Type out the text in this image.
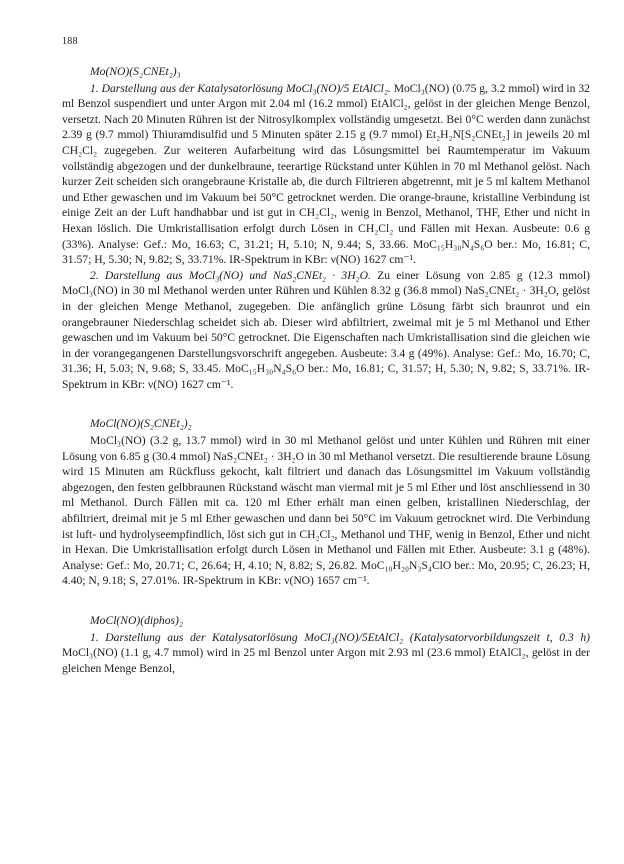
188
Mo(NO)(S₂CNEt₂)₃

1. Darstellung aus der Katalysatorlösung MoCl₃(NO)/5 EtAlCl₂. MoCl₃(NO) (0.75 g, 3.2 mmol) wird in 32 ml Benzol suspendiert und unter Argon mit 2.04 ml (16.2 mmol) EtAlCl₂, gelöst in der gleichen Menge Benzol, versetzt. Nach 20 Minuten Rühren ist der Nitrosylkomplex vollständig umgesetzt. Bei 0°C werden dann zunächst 2.39 g (9.7 mmol) Thiuramdisulfid und 5 Minuten später 2.15 g (9.7 mmol) Et₂H₂N[S₂CNEt₂] in jeweils 20 ml CH₂Cl₂ zugegeben. Zur weiteren Aufarbeitung wird das Lösungsmittel bei Raumtemperatur im Vakuum vollständig abgezogen und der dunkelbraune, teerartige Rückstand unter Kühlen in 70 ml Methanol gelöst. Nach kurzer Zeit scheiden sich orangebraune Kristalle ab, die durch Filtrieren abgetrennt, mit je 5 ml kaltem Methanol und Ether gewaschen und im Vakuum bei 50°C getrocknet werden. Die orange-braune, kristalline Verbindung ist einige Zeit an der Luft handhabbar und ist gut in CH₂Cl₂, wenig in Benzol, Methanol, THF, Ether und nicht in Hexan löslich. Die Umkristallisation erfolgt durch Lösen in CH₂Cl₂ und Fällen mit Hexan. Ausbeute: 0.6 g (33%). Analyse: Gef.: Mo, 16.63; C, 31.21; H, 5.10; N, 9.44; S, 33.66. MoC₁₅H₃₀N₄S₆O ber.: Mo, 16.81; C, 31.57; H, 5.30; N, 9.82; S, 33.71%. IR-Spektrum in KBr: ν(NO) 1627 cm⁻¹.

2. Darstellung aus MoCl₃(NO) und NaS₂CNEt₂ · 3H₂O. Zu einer Lösung von 2.85 g (12.3 mmol) MoCl₃(NO) in 30 ml Methanol werden unter Rühren und Kühlen 8.32 g (36.8 mmol) NaS₂CNEt₂ · 3H₂O, gelöst in der gleichen Menge Methanol, zugegeben. Die anfänglich grüne Lösung färbt sich braunrot und ein orangebrauner Niederschlag scheidet sich ab. Dieser wird abfiltriert, zweimal mit je 5 ml Methanol und Ether gewaschen und im Vakuum bei 50°C getrocknet. Die Eigenschaften nach Umkristallisation sind die gleichen wie in der vorangegangenen Darstellungsvorschrift angegeben. Ausbeute: 3.4 g (49%). Analyse: Gef.: Mo, 16.70; C, 31.36; H, 5.03; N, 9.68; S, 33.45. MoC₁₅H₃₀N₄S₆O ber.: Mo, 16.81; C, 31.57; H, 5.30; N, 9.82; S, 33.71%. IR-Spektrum in KBr: ν(NO) 1627 cm⁻¹.

MoCl(NO)(S₂CNEt₂)₂

MoCl₃(NO) (3.2 g, 13.7 mmol) wird in 30 ml Methanol gelöst und unter Kühlen und Rühren mit einer Lösung von 6.85 g (30.4 mmol) NaS₂CNEt₂ · 3H₂O in 30 ml Methanol versetzt. Die resultierende braune Lösung wird 15 Minuten am Rückfluss gekocht, kalt filtriert und danach das Lösungsmittel im Vakuum vollständig abgezogen, den festen gelbbraunen Rückstand wäscht man viermal mit je 5 ml Ether und löst anschliessend in 30 ml Methanol. Durch Fällen mit ca. 120 ml Ether erhält man einen gelben, kristallinen Niederschlag, der abfiltriert, dreimal mit je 5 ml Ether gewaschen und dann bei 50°C im Vakuum getrocknet wird. Die Verbindung ist luft- und hydrolyseempfindlich, löst sich gut in CH₂Cl₂, Methanol und THF, wenig in Benzol, Ether und nicht in Hexan. Die Umkristallisation erfolgt durch Lösen in Methanol und Fällen mit Ether. Ausbeute: 3.1 g (48%). Analyse: Gef.: Mo, 20.71; C, 26.64; H, 4.10; N, 8.82; S, 26.82. MoC₁₀H₂₀N₃S₄ClO ber.: Mo, 20.95; C, 26.23; H, 4.40; N, 9.18; S, 27.01%. IR-Spektrum in KBr: ν(NO) 1657 cm⁻¹.

MoCl(NO)(diphos)₂

1. Darstellung aus der Katalysatorlösung MoCl₃(NO)/5EtAlCl₂ (Katalysatorvorbildungszeit t, 0.3 h) MoCl₃(NO) (1.1 g, 4.7 mmol) wird in 25 ml Benzol unter Argon mit 2.93 ml (23.6 mmol) EtAlCl₂, gelöst in der gleichen Menge Benzol,
